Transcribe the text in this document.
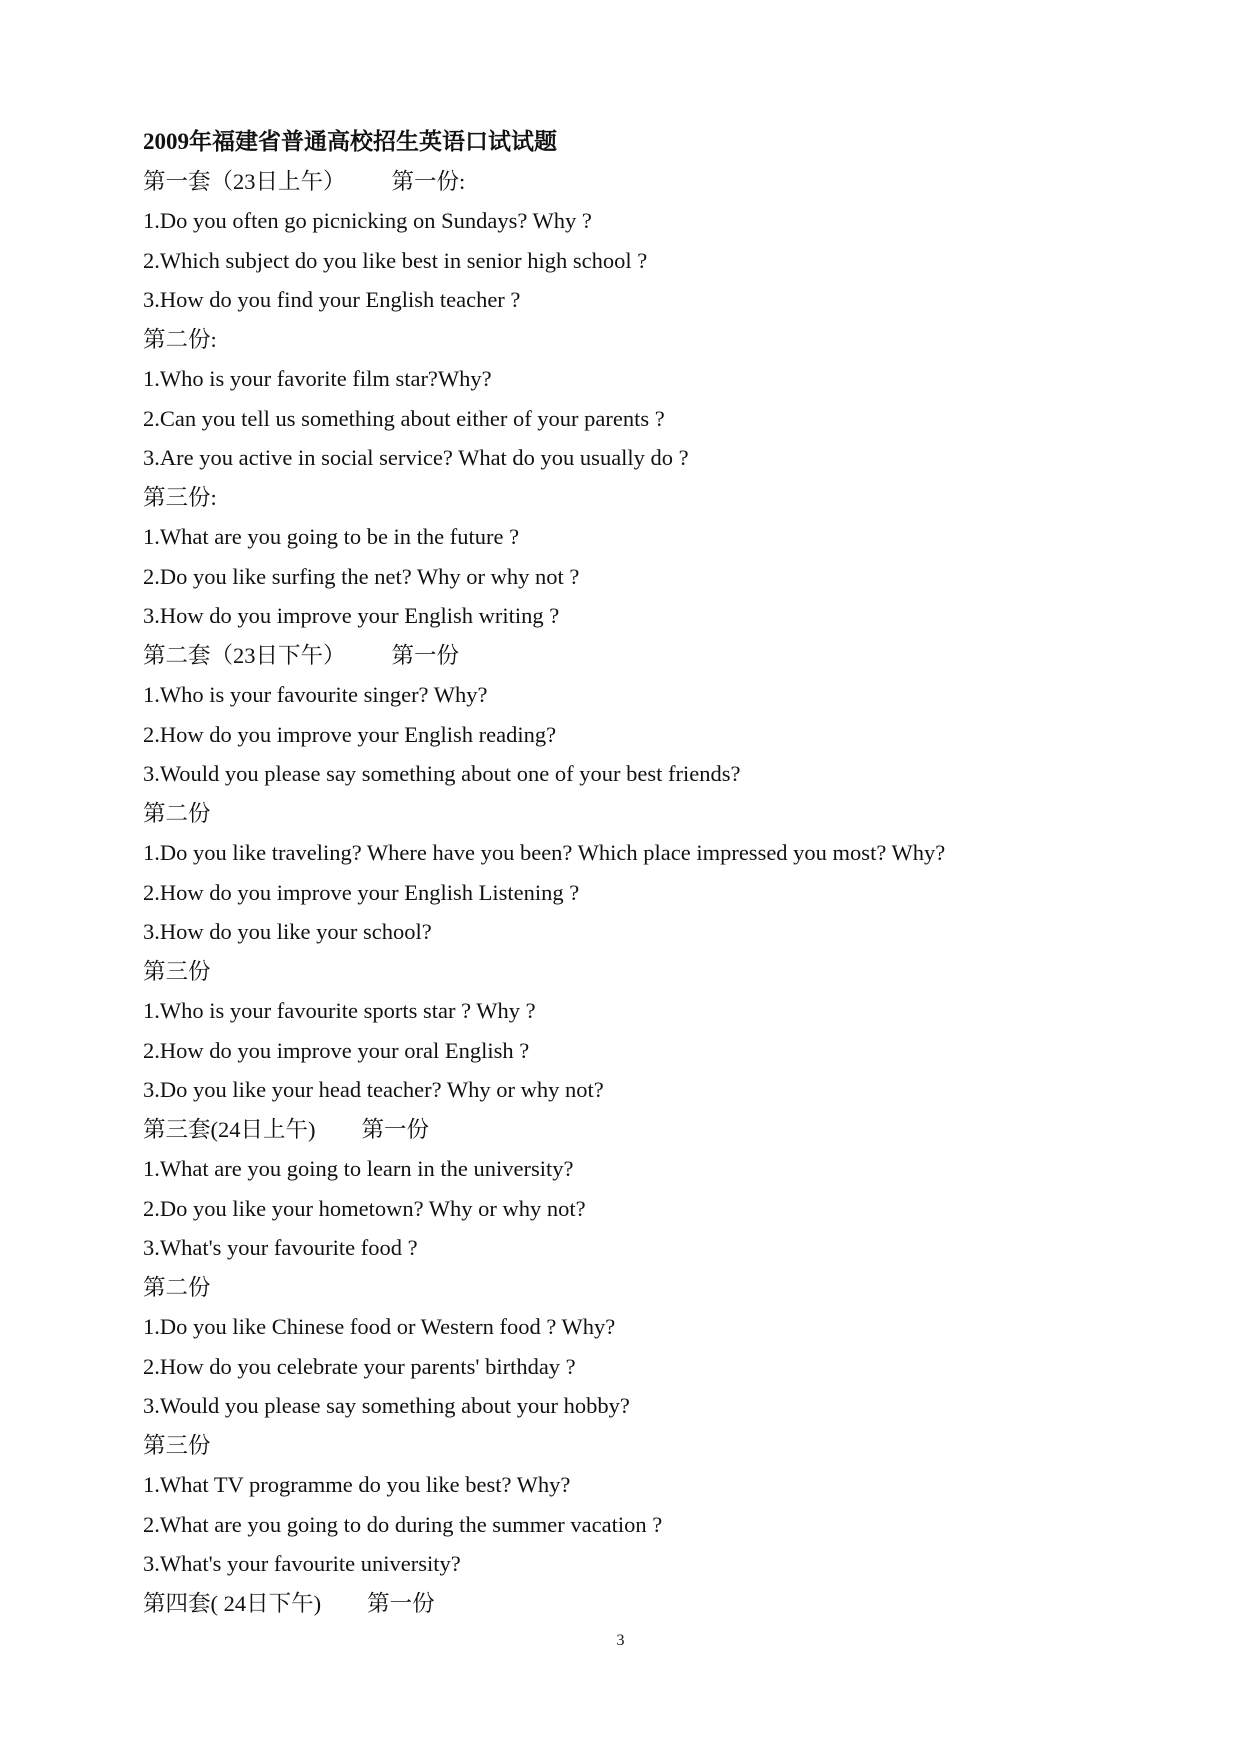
2009年福建省普通高校招生英语口试试题
第一套（23日上午） 第一份:
1.Do you often go picnicking on Sundays? Why ?
2.Which subject do you like best in senior high school ?
3.How do you find your English teacher ?
第二份:
1.Who is your favorite film star?Why?
2.Can you tell us something about either of your parents ?
3.Are you active in social service? What do you usually do ?
第三份:
1.What are you going to be in the future ?
2.Do you like surfing the net? Why or why not ?
3.How do you improve your English writing ?
第二套（23日下午） 第一份
1.Who is your favourite singer? Why?
2.How do you improve your English reading?
3.Would you please say something about one of your best friends?
第二份
1.Do you like traveling? Where have you been? Which place impressed you most? Why?
2.How do you improve your English Listening ?
3.How do you like your school?
第三份
1.Who is your favourite sports star ? Why ?
2.How do you improve your oral English ?
3.Do you like your head teacher? Why or why not?
第三套(24日上午) 第一份
1.What are you going to learn in the university?
2.Do you like your hometown? Why or why not?
3.What's your favourite food ?
第二份
1.Do you like Chinese food or Western food ? Why?
2.How do you celebrate your parents' birthday ?
3.Would you please say something about your hobby?
第三份
1.What TV programme do you like best? Why?
2.What are you going to do during the summer vacation ?
3.What's your favourite university?
第四套( 24日下午) 第一份
3
